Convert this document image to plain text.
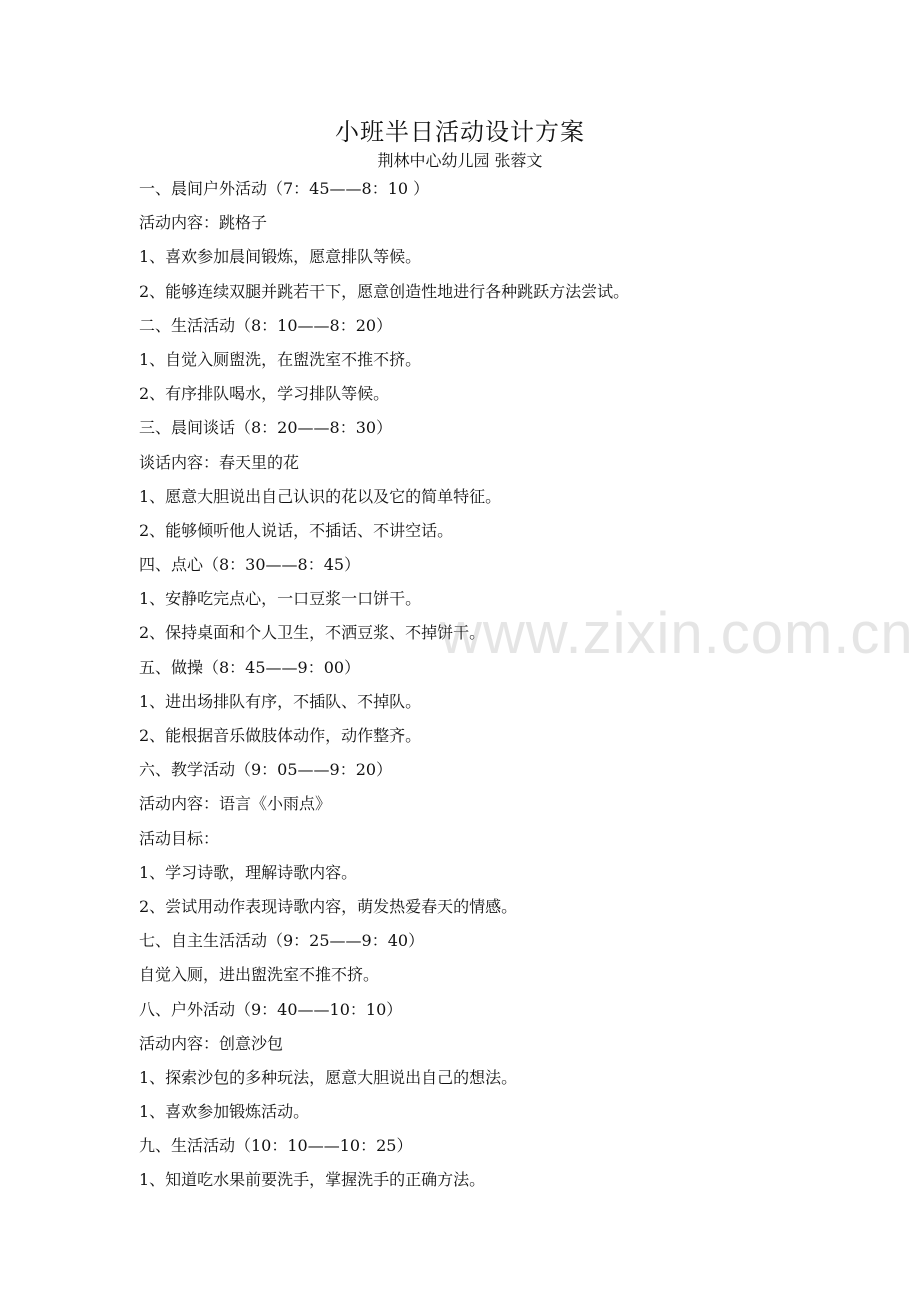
小班半日活动设计方案
荆林中心幼儿园 张蓉文
一、晨间户外活动（7：45——8：10 ）
活动内容：跳格子
1、喜欢参加晨间锻炼，愿意排队等候。
2、能够连续双腿并跳若干下，愿意创造性地进行各种跳跃方法尝试。
二、生活活动（8：10——8：20）
1、自觉入厕盥洗，在盥洗室不推不挤。
2、有序排队喝水，学习排队等候。
三、晨间谈话（8：20——8：30）
谈话内容：春天里的花
1、愿意大胆说出自己认识的花以及它的简单特征。
2、能够倾听他人说话，不插话、不讲空话。
四、点心（8：30——8：45）
1、安静吃完点心，一口豆浆一口饼干。
2、保持桌面和个人卫生，不洒豆浆、不掉饼干。
五、做操（8：45——9：00）
1、进出场排队有序，不插队、不掉队。
2、能根据音乐做肢体动作，动作整齐。
六、教学活动（9：05——9：20）
活动内容：语言《小雨点》
活动目标：
1、学习诗歌，理解诗歌内容。
2、尝试用动作表现诗歌内容，萌发热爱春天的情感。
七、自主生活活动（9：25——9：40）
自觉入厕，进出盥洗室不推不挤。
八、户外活动（9：40——10：10）
活动内容：创意沙包
1、探索沙包的多种玩法，愿意大胆说出自己的想法。
1、喜欢参加锻炼活动。
九、生活活动（10：10——10：25）
1、知道吃水果前要洗手，掌握洗手的正确方法。
www.zixin.com.cn
